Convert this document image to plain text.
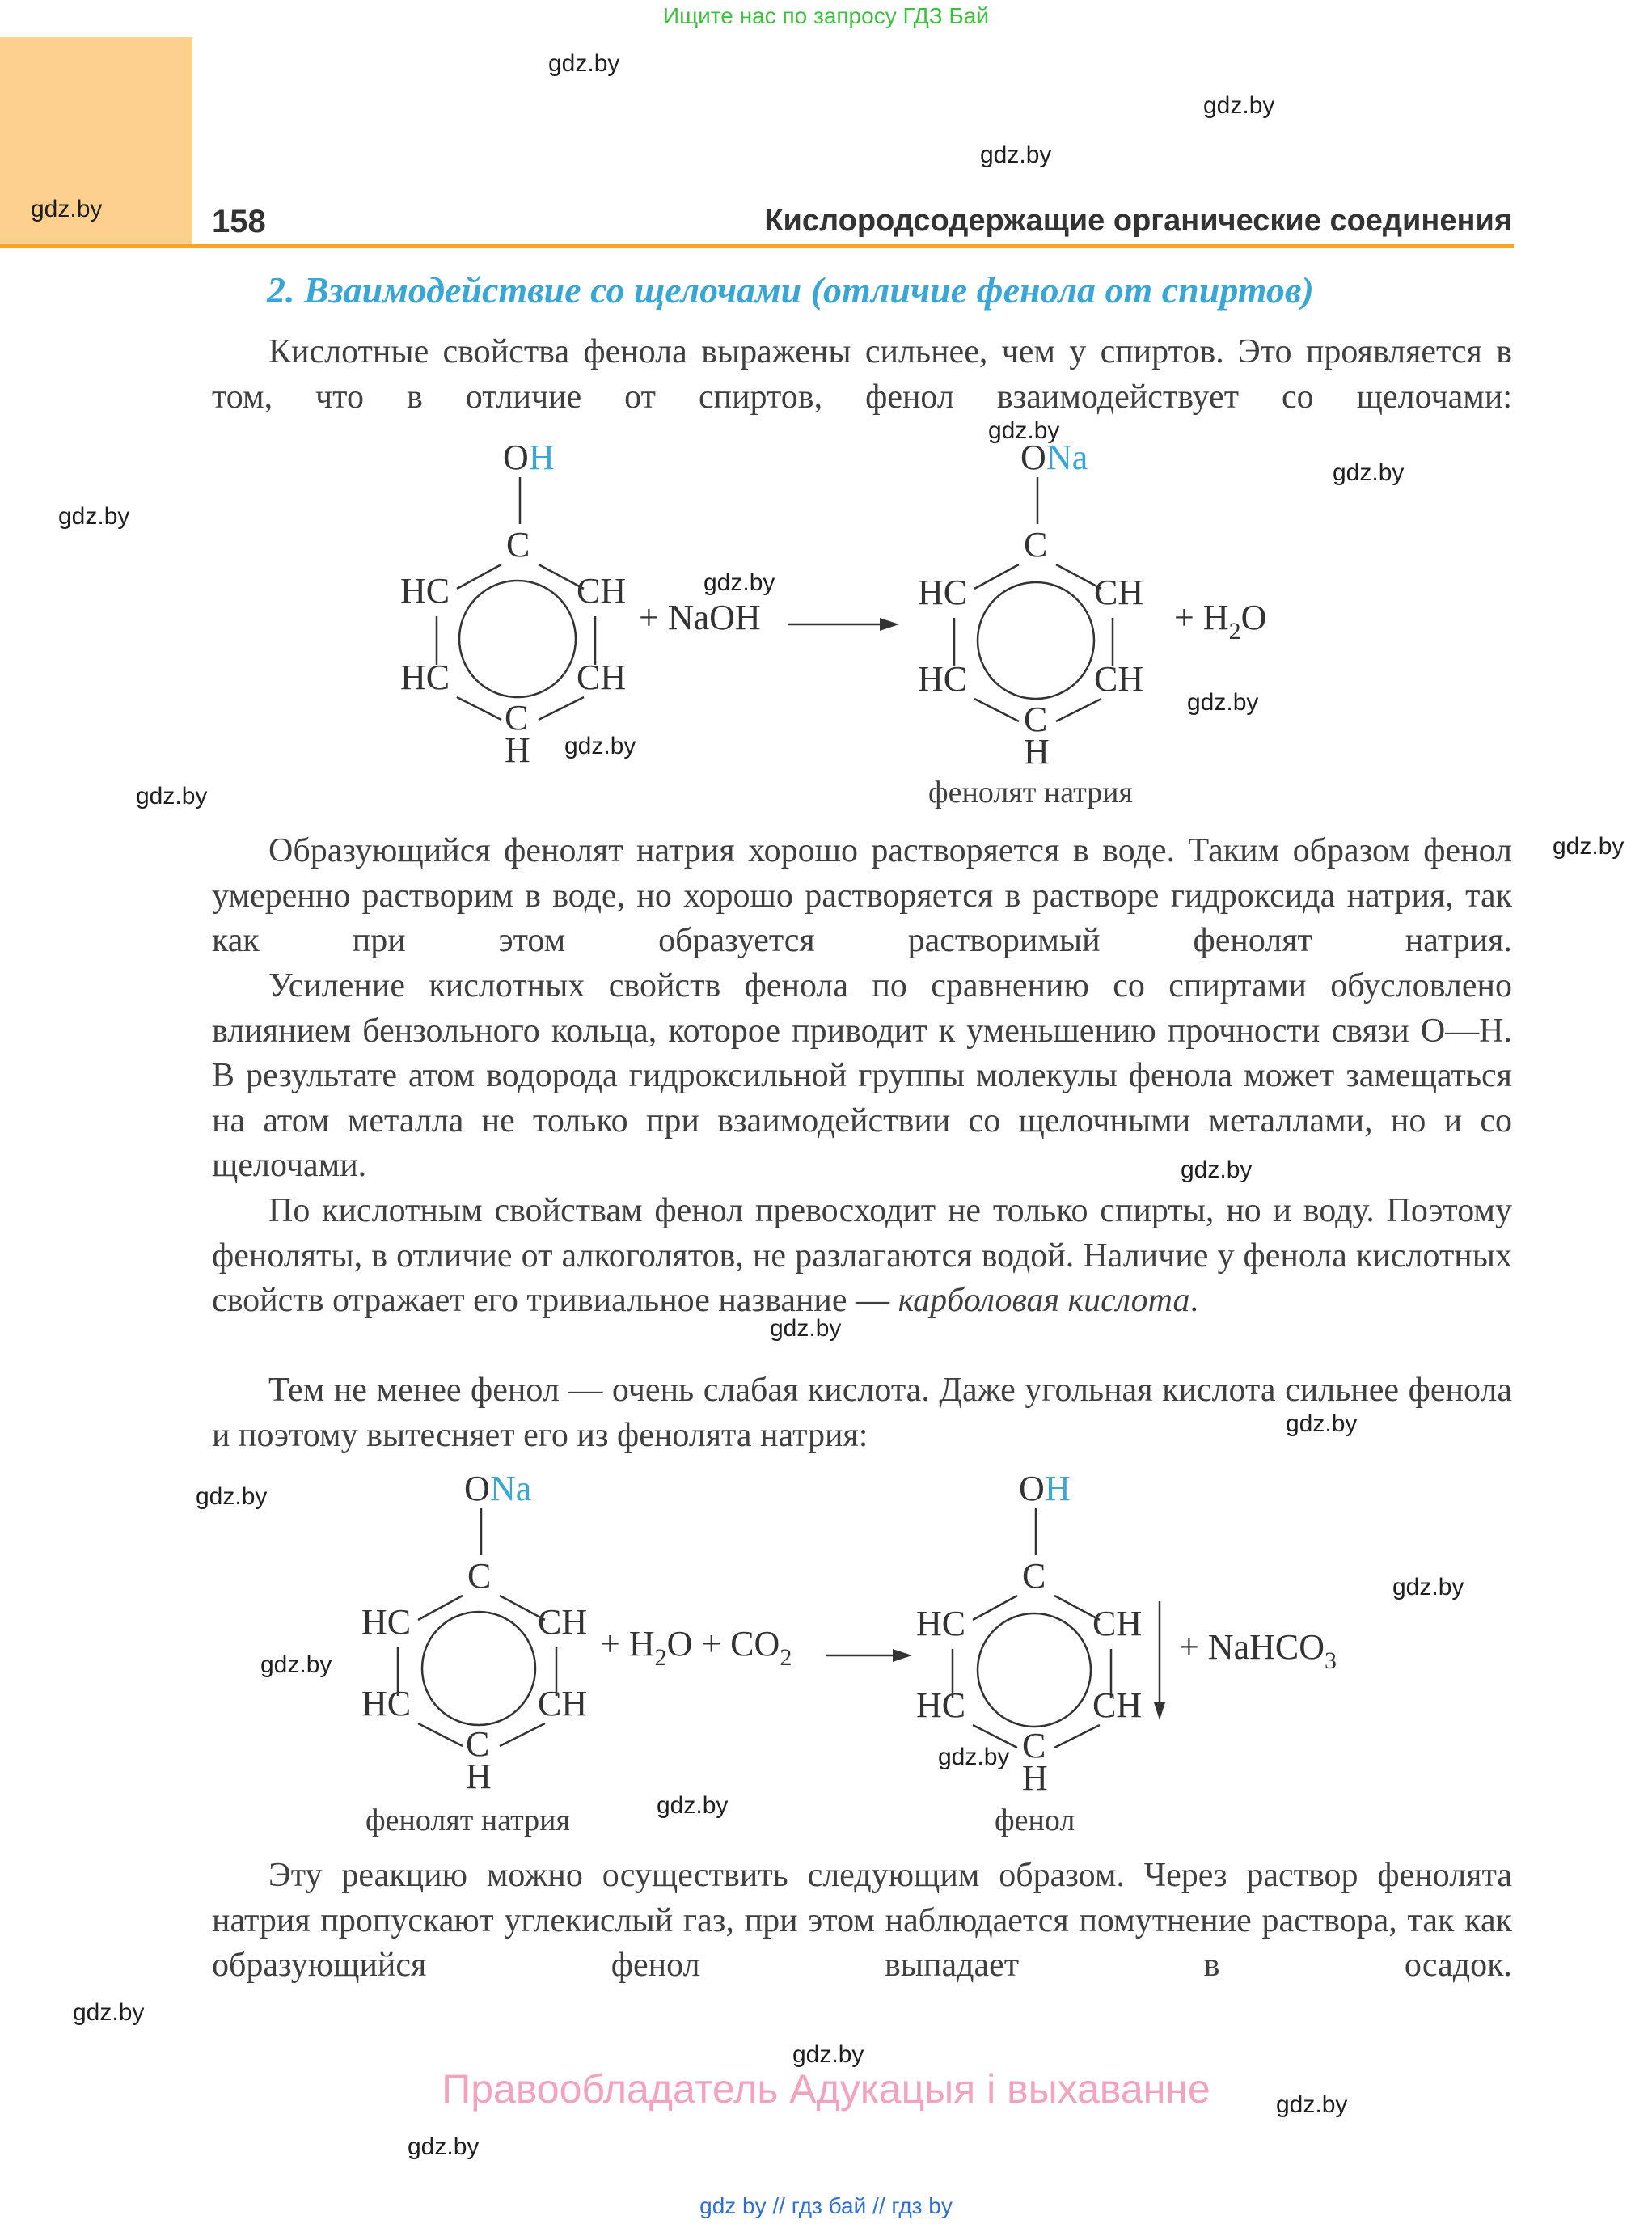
Ищите нас по запросу ГДЗ Бай
158	Кислородсодержащие органические соединения
2. Взаимодействие со щелочами (отличие фенола от спиртов)
Кислотные свойства фенола выражены сильнее, чем у спиртов. Это проявляется в том, что в отличие от спиртов, фенол взаимодействует со щелочами:
O H
C
HC	CH
HC	CH
C
H
+ NaOH
O Na
C
HC	CH
HC	CH
C
H
+ $H_2O$
фенолят натрия
Образующийся фенолят натрия хорошо растворяется в воде. Таким образом фенол умеренно растворим в воде, но хорошо растворяется в растворе гидроксида натрия, так как при этом образуется растворимый фенолят натрия.
Усиление кислотных свойств фенола по сравнению со спиртами обусловлено влиянием бензольного кольца, которое приводит к уменьшению прочности связи O—H. В результате атом водорода гидроксильной группы молекулы фенола может замещаться на атом металла не только при взаимодействии со щелочными металлами, но и со щелочами.
По кислотным свойствам фенол превосходит не только спирты, но и воду. Поэтому феноляты, в отличие от алкоголятов, не разлагаются водой. Наличие у фенола кислотных свойств отражает его тривиальное название — карболовая кислота.
Тем не менее фенол — очень слабая кислота. Даже угольная кислота сильнее фенола и поэтому вытесняет его из фенолята натрия:
O Na
C
HC	CH
HC	CH
C
H
+ $H_2O + CO_2$
O H
C
HC	CH
HC	CH
C
H
+ NaHCO$_3$
фенолят натрия	фенол
Эту реакцию можно осуществить следующим образом. Через раствор фенолята натрия пропускают углекислый газ, при этом наблюдается помутнение раствора, так как образующийся фенол выпадает в осадок.
gdz.by
gdz.by
gdz.by
gdz.by
gdz.by
gdz.by
gdz.by
gdz.by
gdz.by
gdz.by
gdz.by
gdz.by
gdz.by
gdz.by
gdz.by
gdz.by
gdz.by
gdz.by
gdz.by
gdz.by
gdz.by
gdz.by
gdz.by
gdz.by
Правообладатель Адукацыя і выхаванне
gdz by // гдз бай // гдз by
